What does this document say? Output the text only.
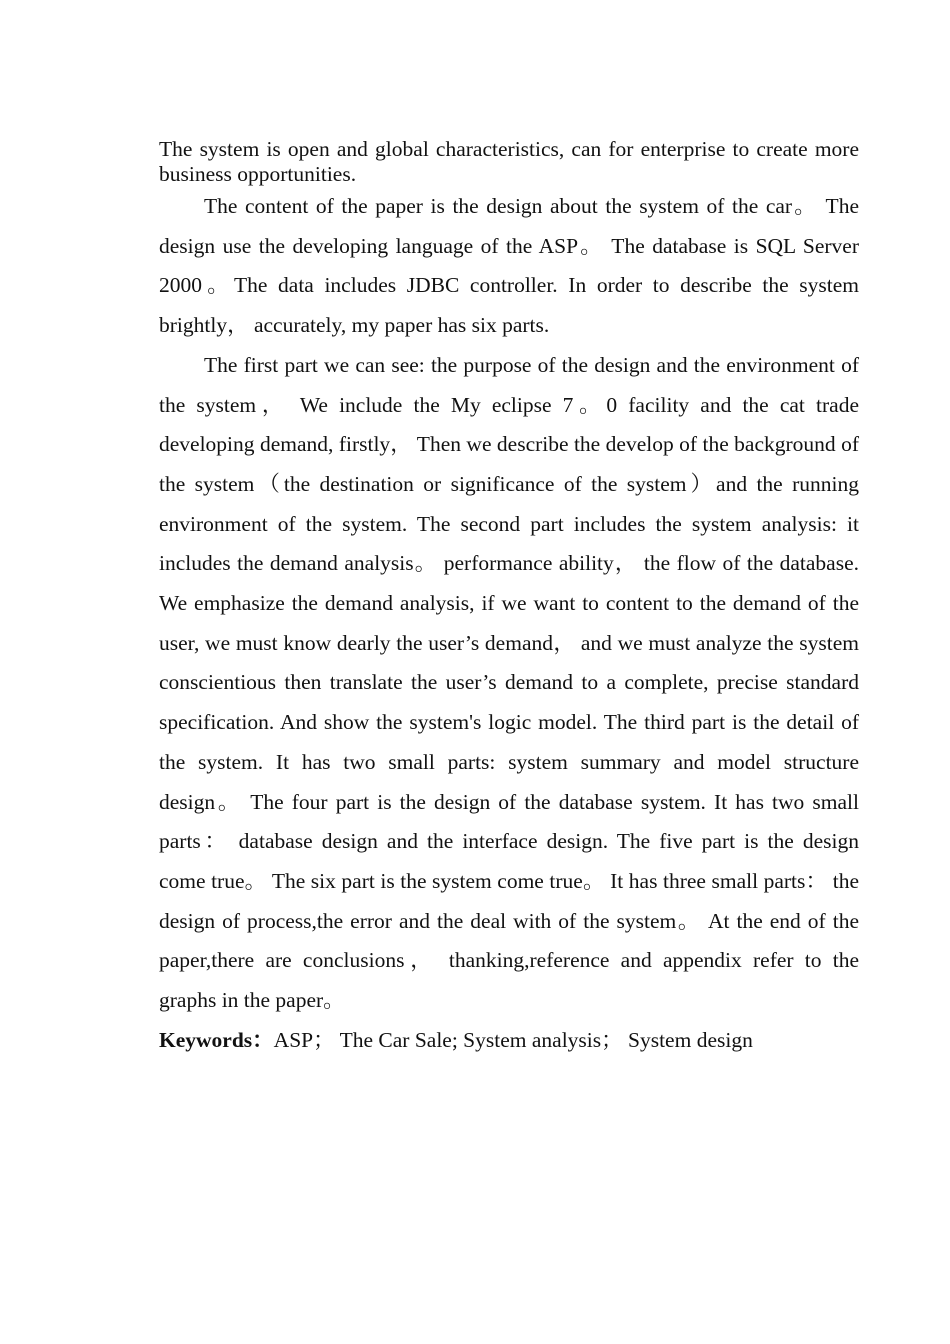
The system is open and global characteristics, can for enterprise to create more business opportunities.

The content of the paper is the design about the system of the car。 The design use the developing language of the ASP。 The database is SQL Server 2000。The data includes JDBC controller. In order to describe the system brightly， accurately, my paper has six parts.

The first part we can see: the purpose of the design and the environment of the system， We include the My eclipse 7。0 facility and the cat trade developing demand, firstly， Then we describe the develop of the background of the system（the destination or significance of the system）and the running environment of the system. The second part includes the system analysis: it includes the demand analysis。 performance ability， the flow of the database. We emphasize the demand analysis, if we want to content to the demand of the user, we must know dearly the user’s demand， and we must analyze the system conscientious then translate the user’s demand to a complete, precise standard specification. And show the system's logic model. The third part is the detail of the system. It has two small parts: system summary and model structure design。 The four part is the design of the database system. It has two small parts： database design and the interface design. The five part is the design come true。 The six part is the system come true。 It has three small parts： the design of process,the error and the deal with of the system。 At the end of the paper,there are conclusions， thanking,reference and appendix refer to the graphs in the paper。

Keywords：ASP； The Car Sale; System analysis； System design
